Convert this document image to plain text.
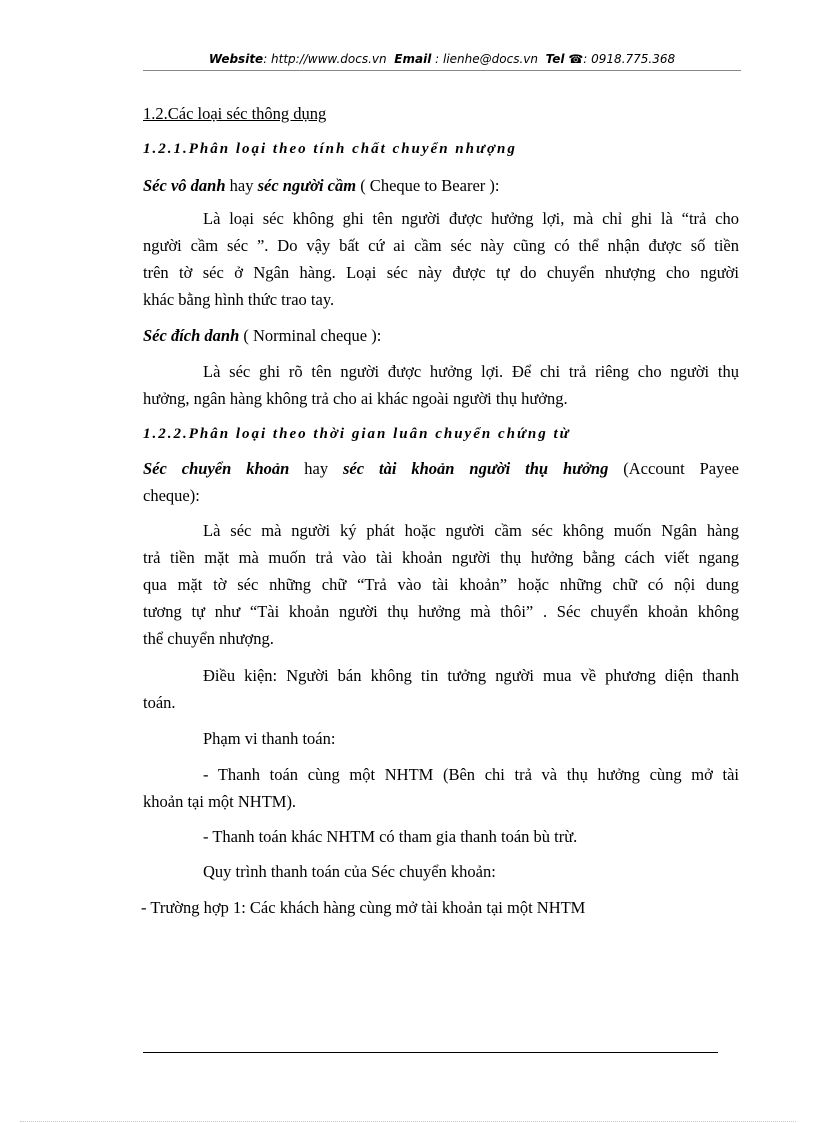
Website: http://www.docs.vn Email : lienhe@docs.vn Tel ☎: 0918.775.368
1.2.Các loại séc thông dụng
1.2.1.Phân loại theo tính chất chuyển nhượng
Séc vô danh hay séc người cầm ( Cheque to Bearer ):
Là loại séc không ghi tên người được hưởng lợi, mà chỉ ghi là “trả cho
người cầm séc ”. Do vậy bất cứ ai cầm séc này cũng có thể nhận được số tiền
trên tờ séc ở Ngân hàng. Loại séc này được tự do chuyển nhượng cho người
khác bằng hình thức trao tay.
Séc đích danh ( Norminal cheque ):
Là séc ghi rõ tên người được hưởng lợi. Để chi trả riêng cho người thụ
hưởng, ngân hàng không trả cho ai khác ngoài người thụ hưởng.
1.2.2.Phân loại theo thời gian luân chuyển chứng từ
Séc chuyển khoản hay séc tài khoản người thụ hưởng (Account Payee
cheque):
Là séc mà người ký phát hoặc người cầm séc không muốn Ngân hàng
trả tiền mặt mà muốn trả vào tài khoản người thụ hưởng bằng cách viết ngang
qua mặt tờ séc những chữ “Trả vào tài khoản” hoặc những chữ có nội dung
tương tự như “Tài khoản người thụ hưởng mà thôi” . Séc chuyển khoản không
thể chuyển nhượng.
Điều kiện: Người bán không tin tưởng người mua về phương diện thanh
toán.
Phạm vi thanh toán:
- Thanh toán cùng một NHTM (Bên chi trả và thụ hưởng cùng mở tài
khoản tại một NHTM).
- Thanh toán khác NHTM có tham gia thanh toán bù trừ.
Quy trình thanh toán của Séc chuyển khoản:
- Trường hợp 1: Các khách hàng cùng mở tài khoản tại một NHTM
